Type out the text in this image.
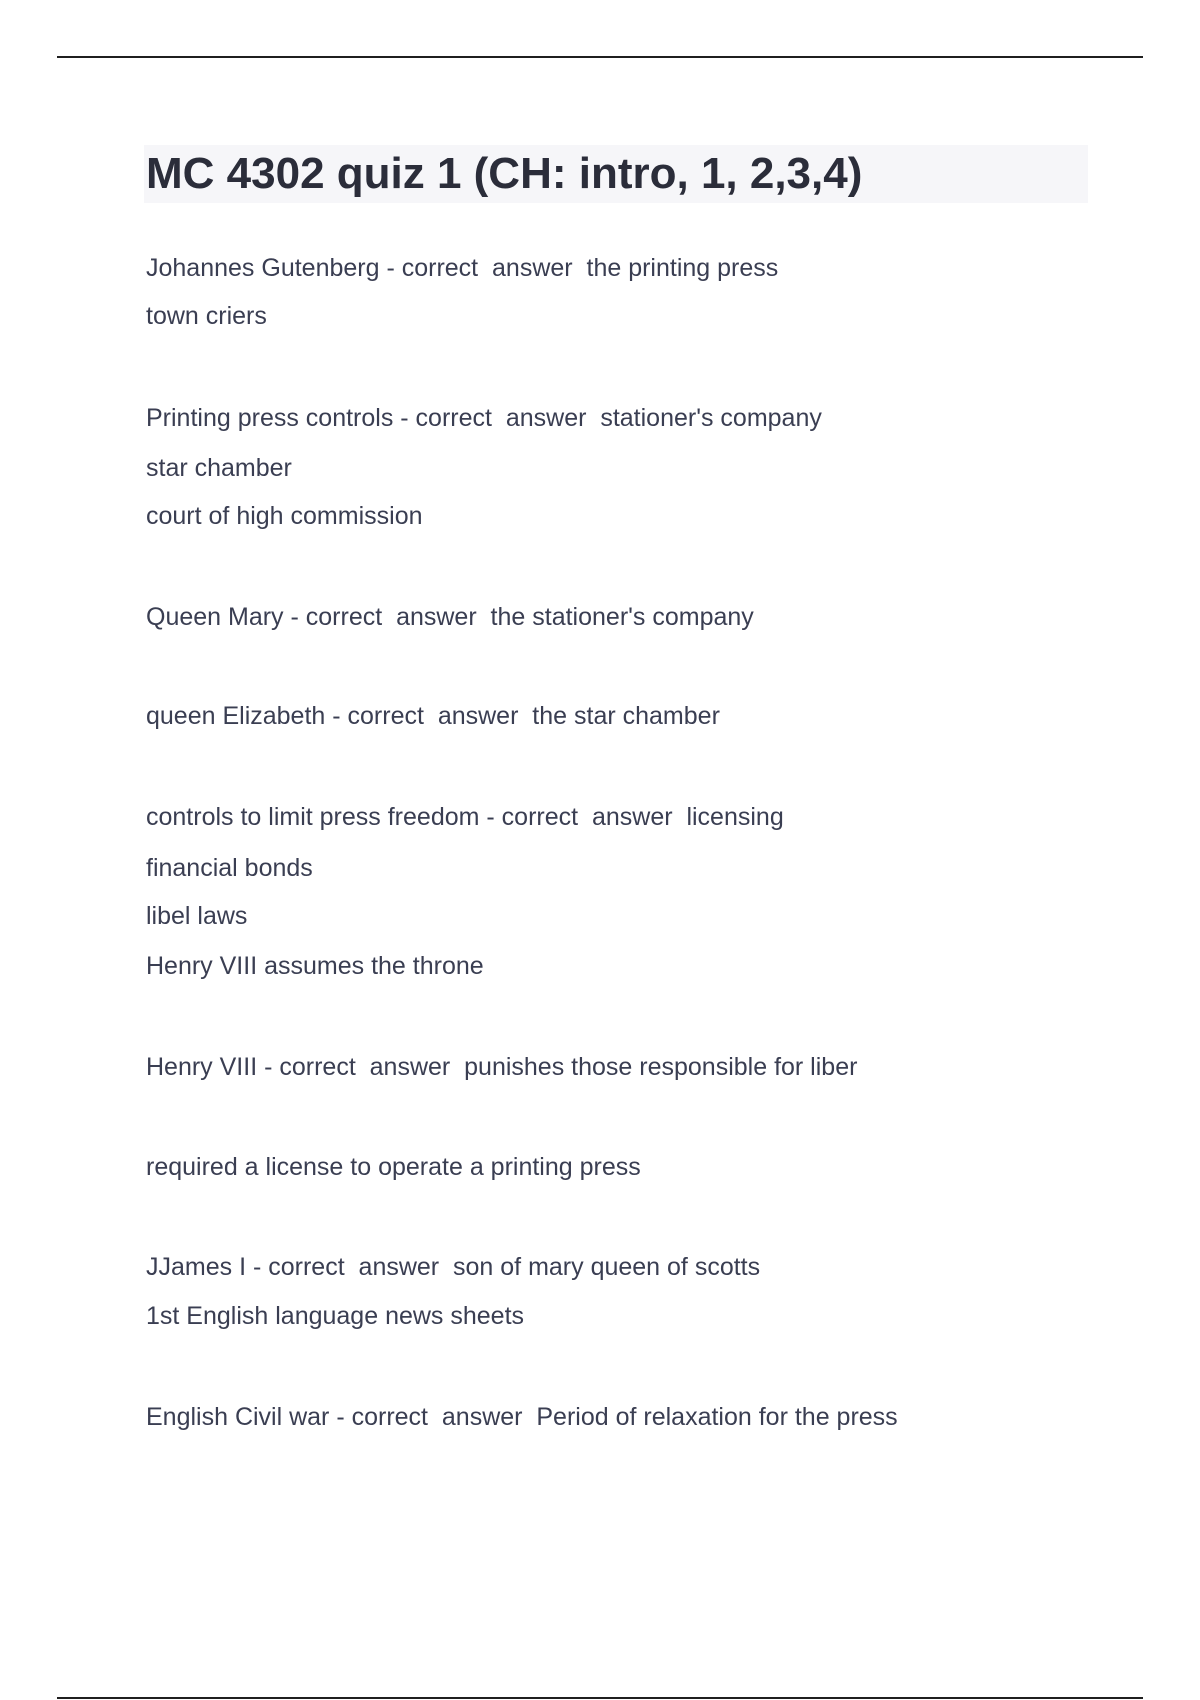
MC 4302 quiz 1 (CH: intro, 1, 2,3,4)

Johannes Gutenberg - correct  answer  the printing press

town criers

Printing press controls - correct  answer  stationer's company

star chamber

court of high commission

Queen Mary - correct  answer  the stationer's company

queen Elizabeth - correct  answer  the star chamber

controls to limit press freedom - correct  answer  licensing

financial bonds

libel laws

Henry VIII assumes the throne

Henry VIII - correct  answer  punishes those responsible for liber

required a license to operate a printing press

JJames I - correct  answer  son of mary queen of scotts

1st English language news sheets

English Civil war - correct  answer  Period of relaxation for the press
